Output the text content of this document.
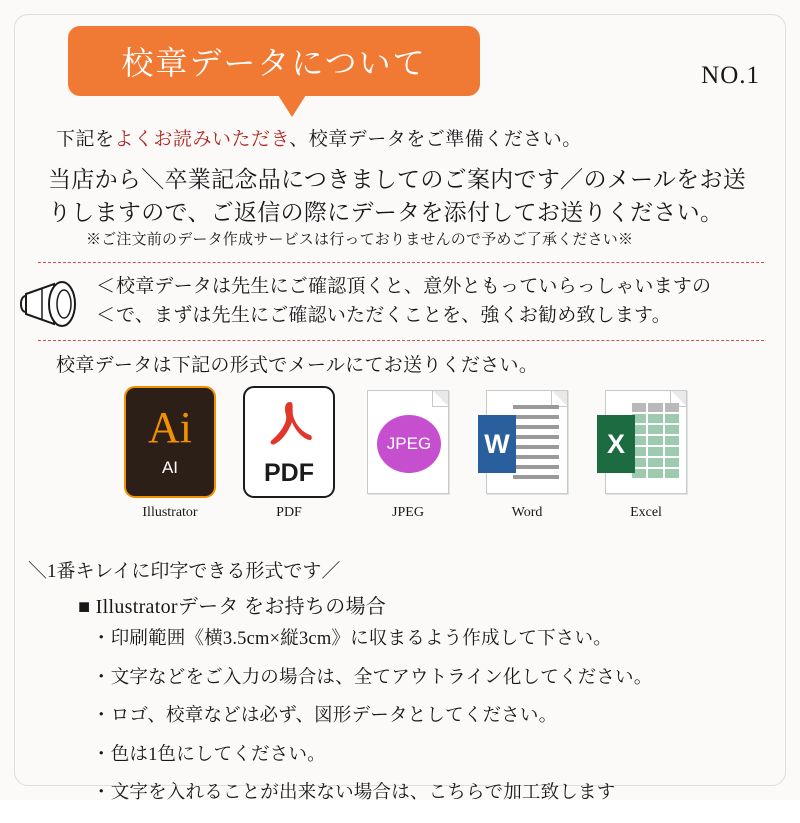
校章データについて	NO.1
下記をよくお読みいただき、校章データをご準備ください。
当店から＼卒業記念品につきましてのご案内です／のメールをお送りしますので、ご返信の際にデータを添付してお送りください。
※ご注文前のデータ作成サービスは行っておりませんので予めご了承ください※
＜
＜
校章データは先生にご確認頂くと、意外ともっていらっしゃいますの
で、まずは先生にご確認いただくことを、強くお勧め致します。
校章データは下記の形式でメールにてお送りください。
Ai
AI
Illustrator
PDF
PDF
JPEG
JPEG
W
Word
X
Excel
＼1番キレイに印字できる形式です／
■ Illustratorデータ をお持ちの場合
・印刷範囲《横3.5cm×縦3cm》に収まるよう作成して下さい。
・文字などをご入力の場合は、全てアウトライン化してください。
・ロゴ、校章などは必ず、図形データとしてください。
・色は1色にしてください。
・文字を入れることが出来ない場合は、こちらで加工致します
